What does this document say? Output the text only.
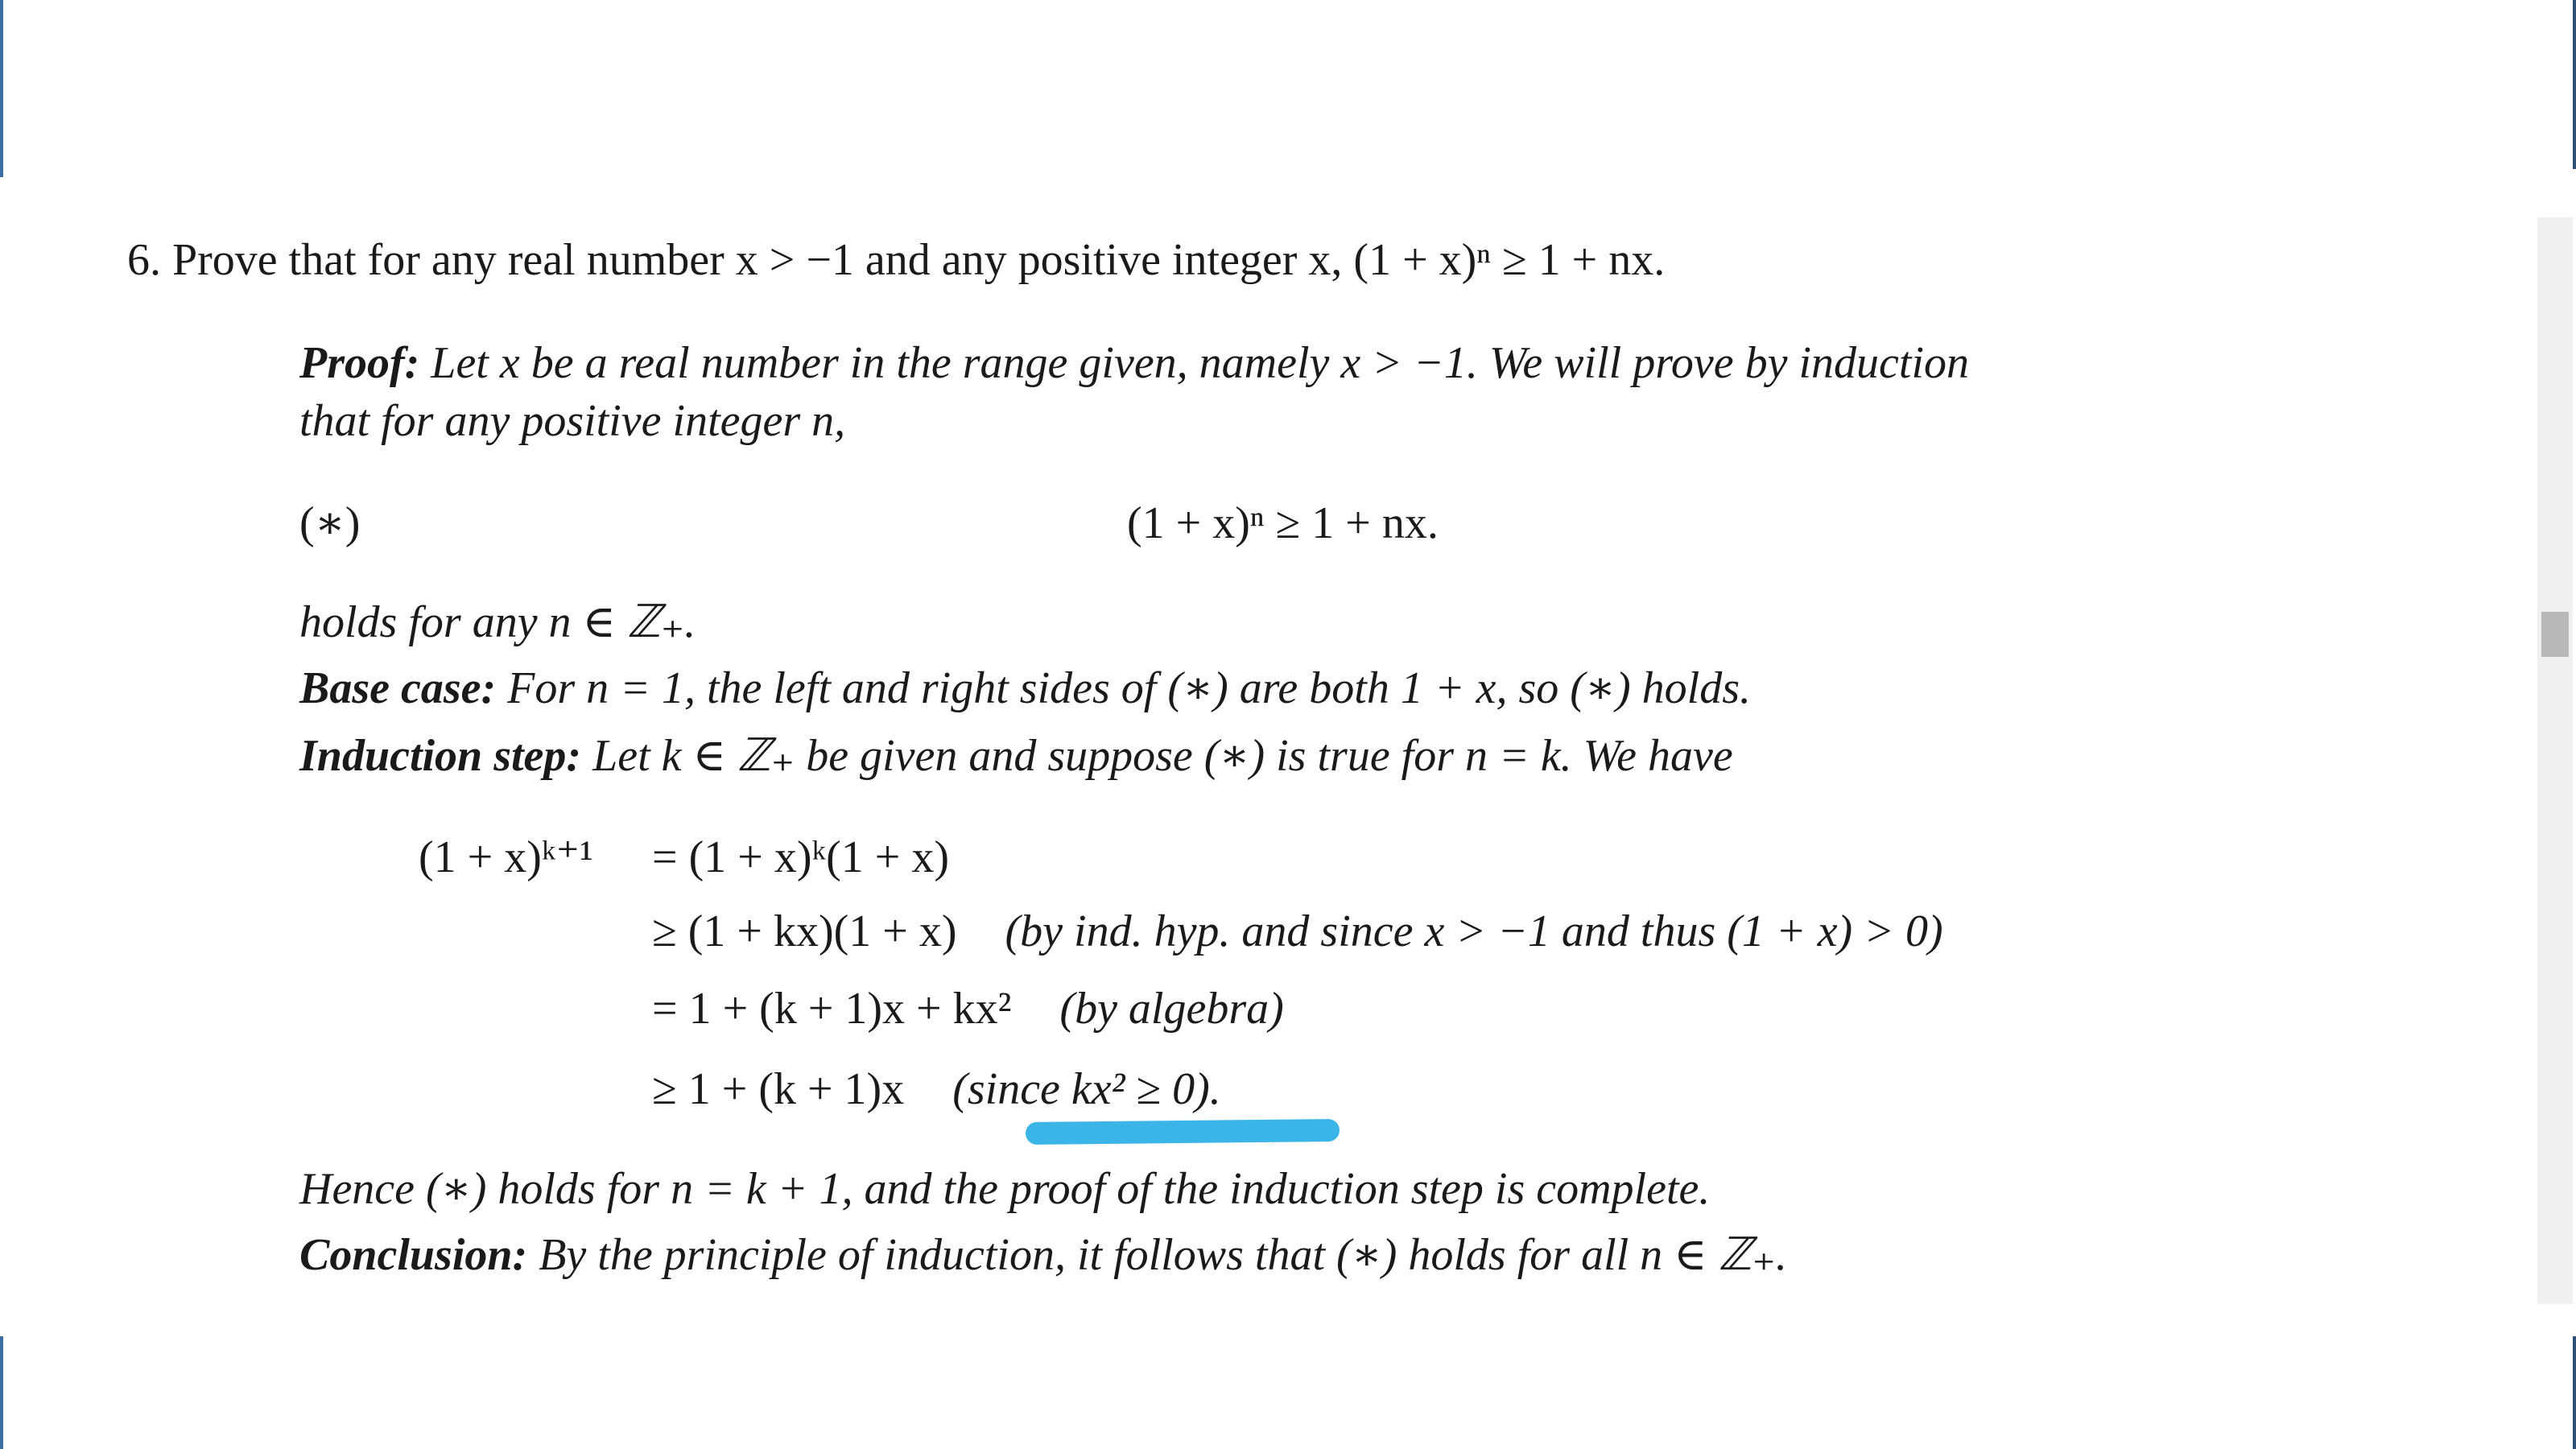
6. Prove that for any real number x > −1 and any positive integer x, (1 + x)ⁿ ≥ 1 + nx.
Proof: Let x be a real number in the range given, namely x > −1. We will prove by induction
that for any positive integer n,
(∗)	(1 + x)ⁿ ≥ 1 + nx.
holds for any n ∈ ℤ₊.
Base case: For n = 1, the left and right sides of (∗) are both 1 + x, so (∗) holds.
Induction step: Let k ∈ ℤ₊ be given and suppose (∗) is true for n = k. We have
(1 + x)ᵏ⁺¹ = (1 + x)ᵏ(1 + x)
≥ (1 + kx)(1 + x) (by ind. hyp. and since x > −1 and thus (1 + x) > 0)
= 1 + (k + 1)x + kx² (by algebra)
≥ 1 + (k + 1)x (since kx² ≥ 0).
Hence (∗) holds for n = k + 1, and the proof of the induction step is complete.
Conclusion: By the principle of induction, it follows that (∗) holds for all n ∈ ℤ₊.
